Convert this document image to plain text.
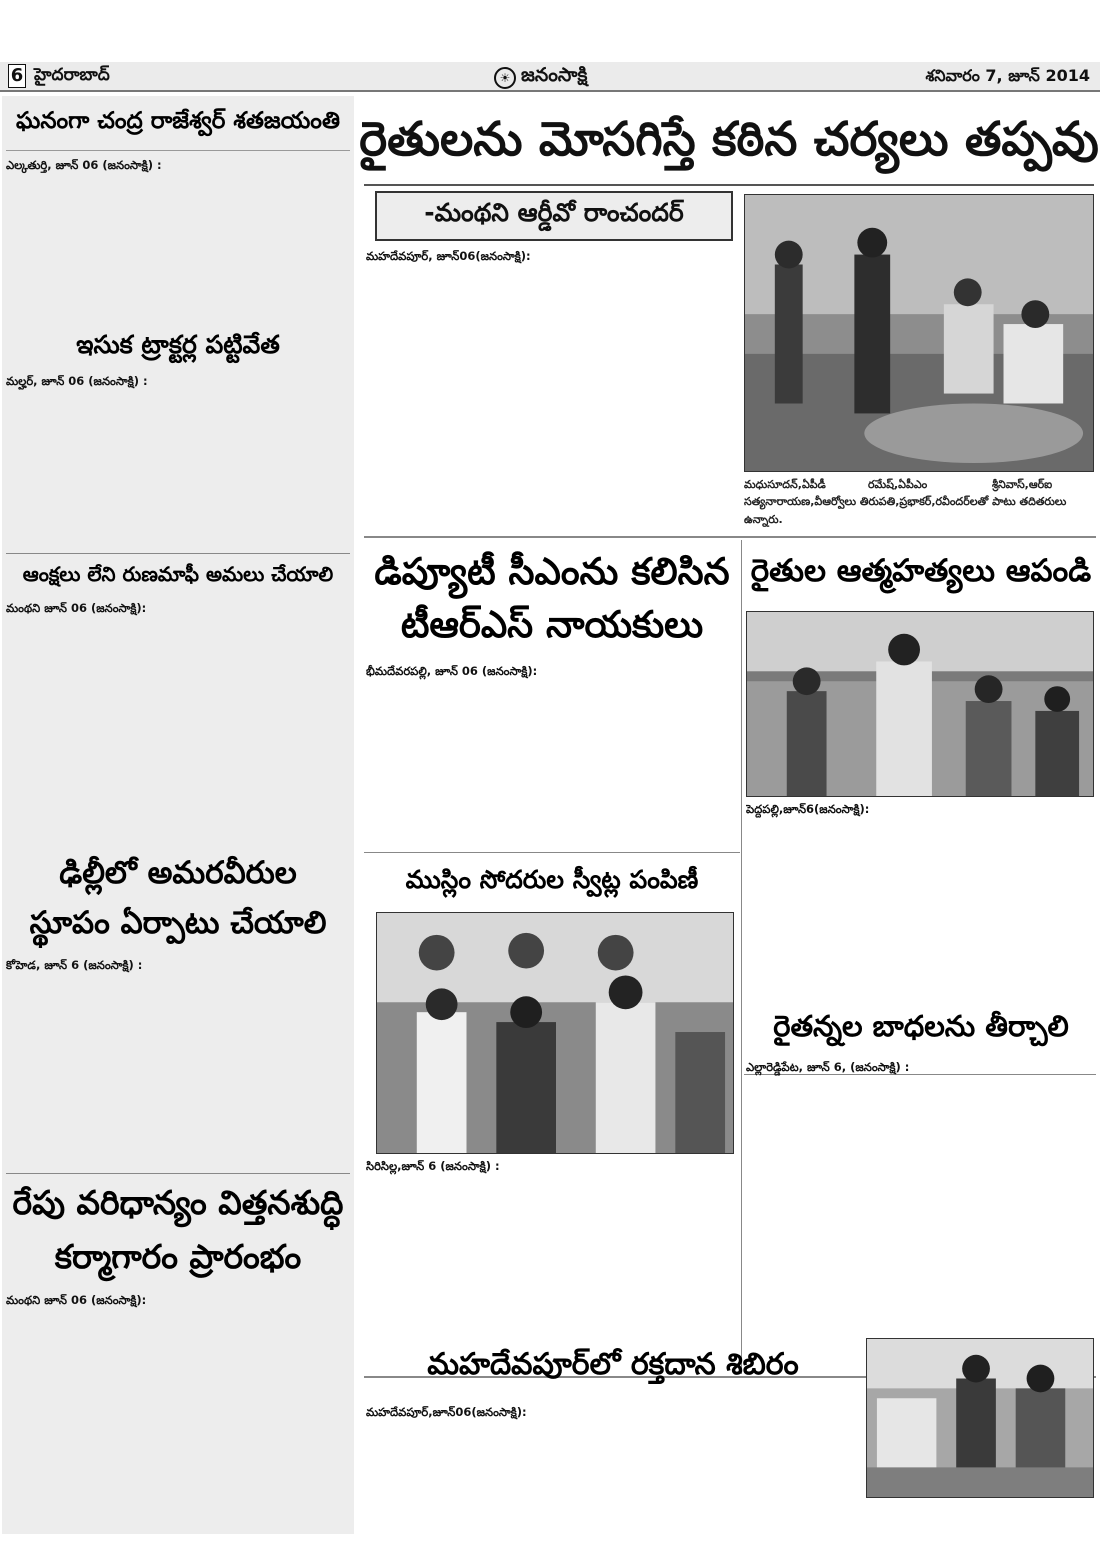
6 హైదరాబాద్	☀ జనంసాక్షి	శనివారం 7, జూన్ 2014
ఘనంగా చంద్ర రాజేశ్వర్ శతజయంతి
ఎల్కతుర్తి, జూన్ 06 (జనంసాక్షి) :
ఇసుక ట్రాక్టర్ల పట్టివేత
మల్హర్, జూన్ 06 (జనంసాక్షి) :
ఆంక్షలు లేని రుణమాఫీ అమలు చేయాలి
మంథని జూన్ 06 (జనంసాక్షి):
ఢిల్లీలో అమరవీరుల
స్థూపం ఏర్పాటు చేయాలి
కోహెడ, జూన్ 6 (జనంసాక్షి) :
రేపు వరిధాన్యం విత్తనశుద్ధి
కర్మాగారం ప్రారంభం
మంథని జూన్ 06 (జనంసాక్షి):
రైతులను మోసగిస్తే కఠిన చర్యలు తప్పవు
-మంథని ఆర్డీవో రాంచందర్
మహదేవపూర్, జూన్06(జనంసాక్షి):
మధుసూదన్,ఏపీడీ	రమేష్,ఏపీఎం	శ్రీనివాస్,ఆర్ఐ
సత్యనారాయణ,వీఆర్వోలు తిరుపతి,ప్రభాకర్,రవీందర్‌లతో పాటు తదితరులు ఉన్నారు.
డిప్యూటీ సీఎంను కలిసిన
టీఆర్ఎస్ నాయకులు
భీమదేవరపల్లి, జూన్ 06 (జనంసాక్షి):
రైతుల ఆత్మహత్యలు ఆపండి
పెద్దపల్లి,జూన్6(జనంసాక్షి):
ముస్లిం సోదరుల స్వీట్ల పంపిణీ
సిరిసిల్ల,జూన్ 6 (జనంసాక్షి) :
రైతన్నల బాధలను తీర్చాలి
ఎల్లారెడ్డిపేట, జూన్ 6, (జనంసాక్షి) :
మహదేవపూర్‌లో రక్తదాన శిబిరం
మహదేవపూర్,జూన్06(జనంసాక్షి):
